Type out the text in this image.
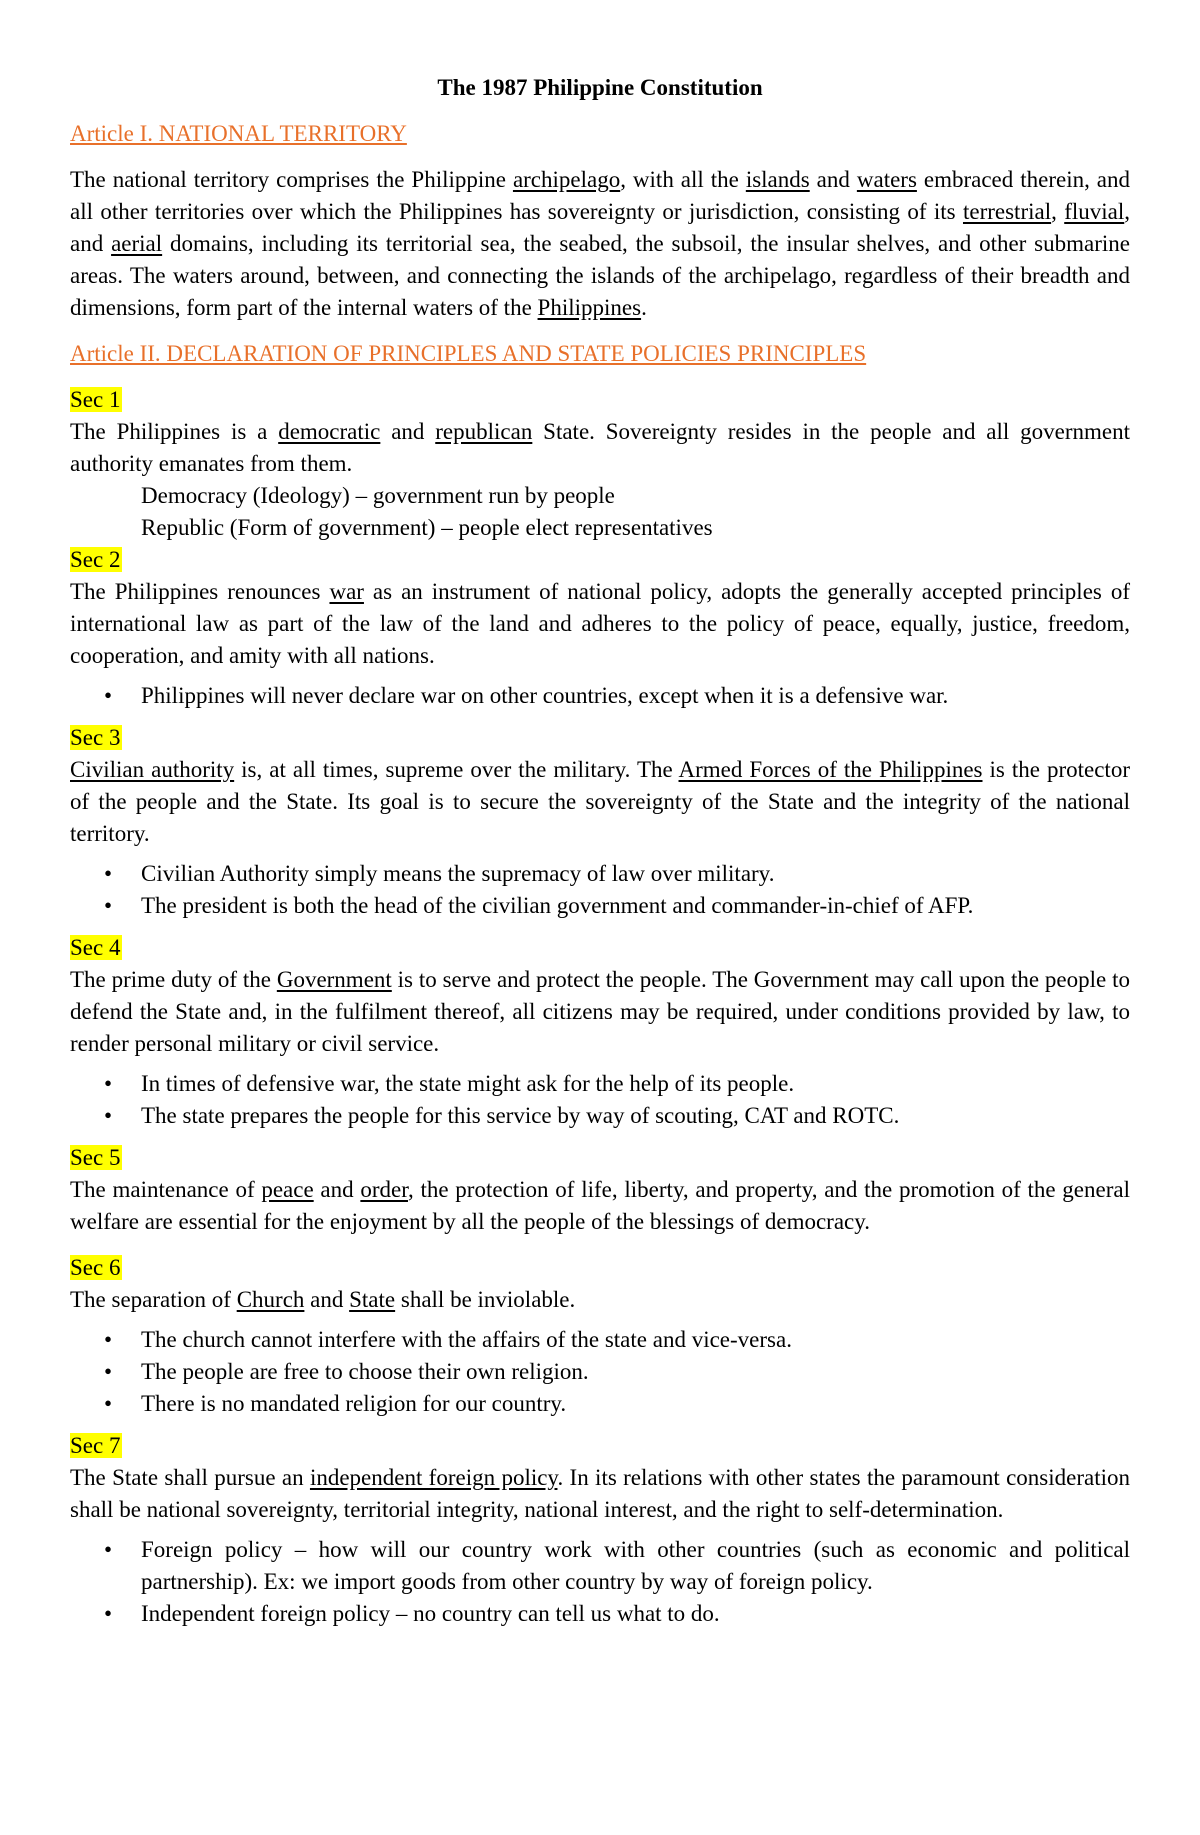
The 1987 Philippine Constitution
Article I. NATIONAL TERRITORY
The national territory comprises the Philippine archipelago, with all the islands and waters embraced therein, and all other territories over which the Philippines has sovereignty or jurisdiction, consisting of its terrestrial, fluvial, and aerial domains, including its territorial sea, the seabed, the subsoil, the insular shelves, and other submarine areas. The waters around, between, and connecting the islands of the archipelago, regardless of their breadth and dimensions, form part of the internal waters of the Philippines.
Article II. DECLARATION OF PRINCIPLES AND STATE POLICIES PRINCIPLES
Sec 1
The Philippines is a democratic and republican State. Sovereignty resides in the people and all government authority emanates from them.
Democracy (Ideology) – government run by people
Republic (Form of government) – people elect representatives
Sec 2
The Philippines renounces war as an instrument of national policy, adopts the generally accepted principles of international law as part of the law of the land and adheres to the policy of peace, equally, justice, freedom, cooperation, and amity with all nations.
• Philippines will never declare war on other countries, except when it is a defensive war.
Sec 3
Civilian authority is, at all times, supreme over the military. The Armed Forces of the Philippines is the protector of the people and the State. Its goal is to secure the sovereignty of the State and the integrity of the national territory.
• Civilian Authority simply means the supremacy of law over military.
• The president is both the head of the civilian government and commander-in-chief of AFP.
Sec 4
The prime duty of the Government is to serve and protect the people. The Government may call upon the people to defend the State and, in the fulfilment thereof, all citizens may be required, under conditions provided by law, to render personal military or civil service.
• In times of defensive war, the state might ask for the help of its people.
• The state prepares the people for this service by way of scouting, CAT and ROTC.
Sec 5
The maintenance of peace and order, the protection of life, liberty, and property, and the promotion of the general welfare are essential for the enjoyment by all the people of the blessings of democracy.
Sec 6
The separation of Church and State shall be inviolable.
• The church cannot interfere with the affairs of the state and vice-versa.
• The people are free to choose their own religion.
• There is no mandated religion for our country.
Sec 7
The State shall pursue an independent foreign policy. In its relations with other states the paramount consideration shall be national sovereignty, territorial integrity, national interest, and the right to self-determination.
• Foreign policy – how will our country work with other countries (such as economic and political partnership). Ex: we import goods from other country by way of foreign policy.
• Independent foreign policy – no country can tell us what to do.
